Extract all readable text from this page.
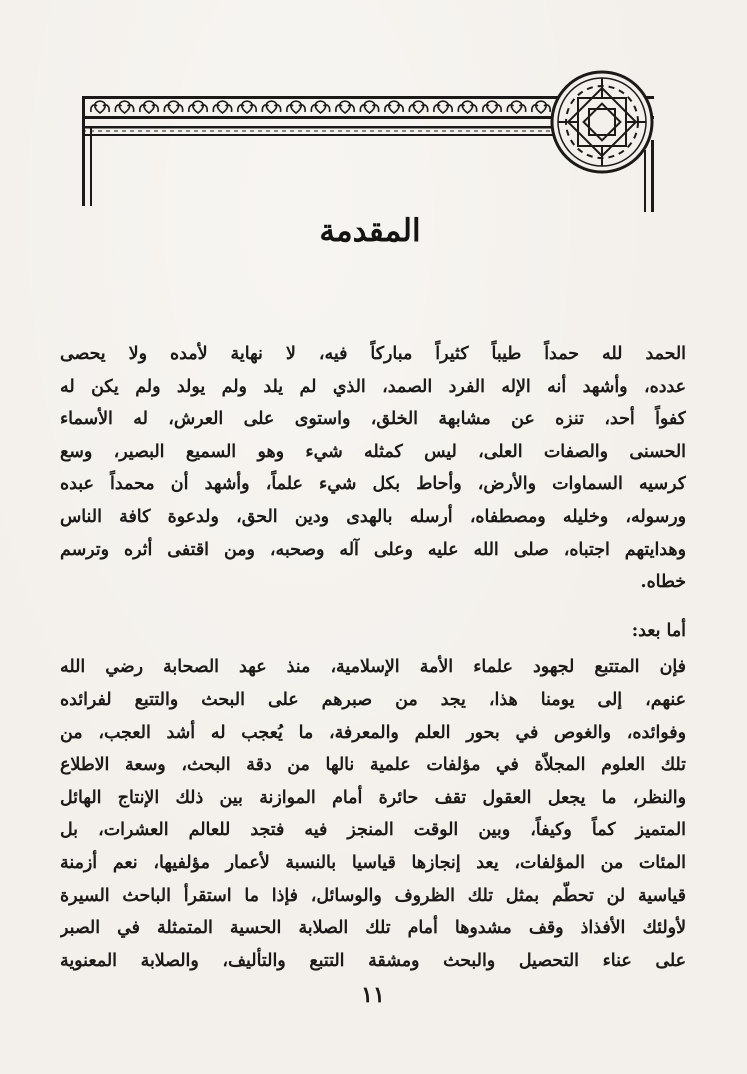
المقدمة
الحمد لله حمداً طيباً كثيراً مباركاً فيه، لا نهاية لأمده ولا يحصى
عدده، وأشهد أنه الإله الفرد الصمد، الذي لم يلد ولم يولد ولم يكن له
كفواً أحد، تنزه عن مشابهة الخلق، واستوى على العرش، له الأسماء
الحسنى والصفات العلى، ليس كمثله شيء وهو السميع البصير، وسع
كرسيه السماوات والأرض، وأحاط بكل شيء علماً، وأشهد أن محمداً عبده
ورسوله، وخليله ومصطفاه، أرسله بالهدى ودين الحق، ولدعوة كافة الناس
وهدايتهم اجتباه، صلى الله عليه وعلى آله وصحبه، ومن اقتفى أثره وترسم
خطاه.
أما بعد:
فإن المتتبع لجهود علماء الأمة الإسلامية، منذ عهد الصحابة رضي الله
عنهم، إلى يومنا هذا، يجد من صبرهم على البحث والتتبع لفرائده
وفوائده، والغوص في بحور العلم والمعرفة، ما يُعجب له أشد العجب، من
تلك العلوم المجلاّة في مؤلفات علمية نالها من دقة البحث، وسعة الاطلاع
والنظر، ما يجعل العقول تقف حائرة أمام الموازنة بين ذلك الإنتاج الهائل
المتميز كماً وكيفاً، وبين الوقت المنجز فيه فتجد للعالم العشرات، بل
المئات من المؤلفات، يعد إنجازها قياسيا بالنسبة لأعمار مؤلفيها، نعم أزمنة
قياسية لن تحطّم بمثل تلك الظروف والوسائل، فإذا ما استقرأ الباحث السيرة
لأولئك الأفذاذ وقف مشدوها أمام تلك الصلابة الحسية المتمثلة في الصبر
على عناء التحصيل والبحث ومشقة التتبع والتأليف، والصلابة المعنوية
١١
